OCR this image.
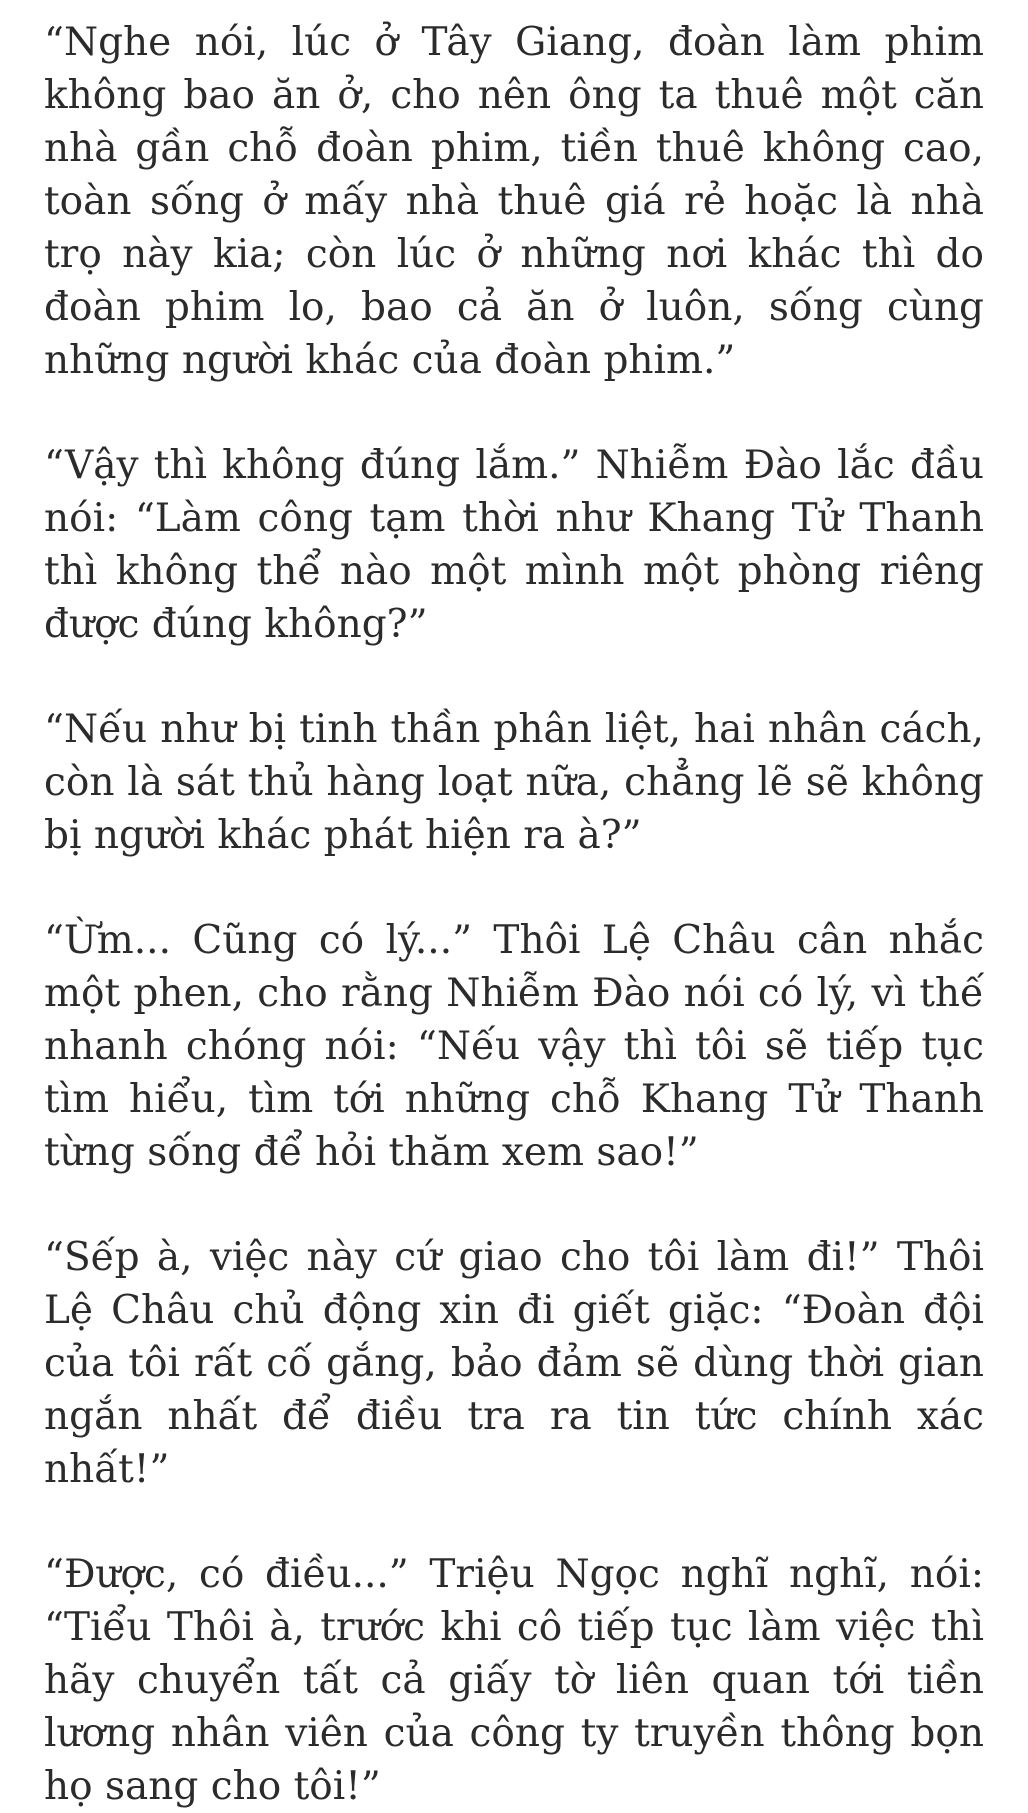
“Nghe nói, lúc ở Tây Giang, đoàn làm phim không bao ăn ở, cho nên ông ta thuê một căn nhà gần chỗ đoàn phim, tiền thuê không cao, toàn sống ở mấy nhà thuê giá rẻ hoặc là nhà trọ này kia; còn lúc ở những nơi khác thì do đoàn phim lo, bao cả ăn ở luôn, sống cùng những người khác của đoàn phim.”

“Vậy thì không đúng lắm.” Nhiễm Đào lắc đầu nói: “Làm công tạm thời như Khang Tử Thanh thì không thể nào một mình một phòng riêng được đúng không?”

“Nếu như bị tinh thần phân liệt, hai nhân cách, còn là sát thủ hàng loạt nữa, chẳng lẽ sẽ không bị người khác phát hiện ra à?”

“Ừm... Cũng có lý...” Thôi Lệ Châu cân nhắc một phen, cho rằng Nhiễm Đào nói có lý, vì thế nhanh chóng nói: “Nếu vậy thì tôi sẽ tiếp tục tìm hiểu, tìm tới những chỗ Khang Tử Thanh từng sống để hỏi thăm xem sao!”

“Sếp à, việc này cứ giao cho tôi làm đi!” Thôi Lệ Châu chủ động xin đi giết giặc: “Đoàn đội của tôi rất cố gắng, bảo đảm sẽ dùng thời gian ngắn nhất để điều tra ra tin tức chính xác nhất!”

“Được, có điều...” Triệu Ngọc nghĩ nghĩ, nói: “Tiểu Thôi à, trước khi cô tiếp tục làm việc thì hãy chuyển tất cả giấy tờ liên quan tới tiền lương nhân viên của công ty truyền thông bọn họ sang cho tôi!”
